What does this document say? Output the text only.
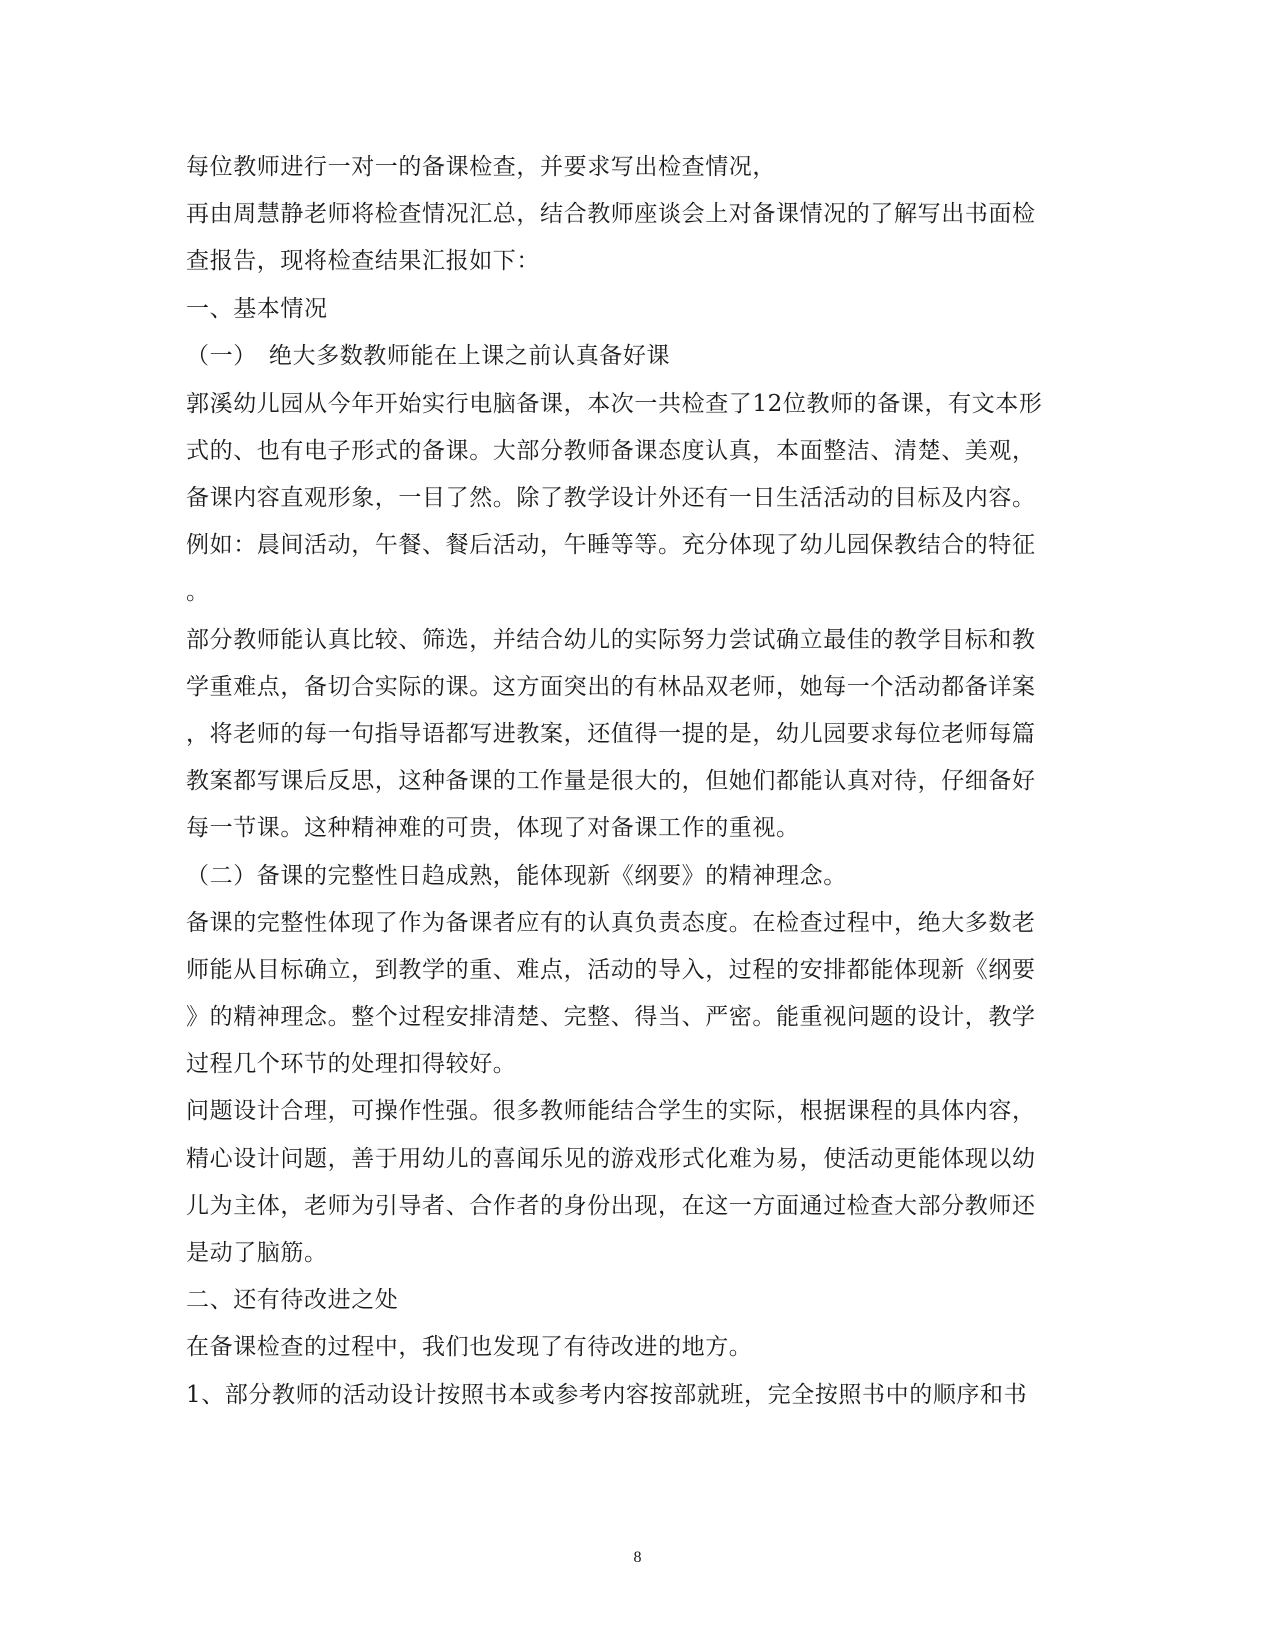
每位教师进行一对一的备课检查，并要求写出检查情况，
再由周慧静老师将检查情况汇总，结合教师座谈会上对备课情况的了解写出书面检
查报告，现将检查结果汇报如下：
一、基本情况
（一）　绝大多数教师能在上课之前认真备好课
郭溪幼儿园从今年开始实行电脑备课，本次一共检查了12位教师的备课，有文本形
式的、也有电子形式的备课。大部分教师备课态度认真，本面整洁、清楚、美观，
备课内容直观形象，一目了然。除了教学设计外还有一日生活活动的目标及内容。
例如：晨间活动，午餐、餐后活动，午睡等等。充分体现了幼儿园保教结合的特征
。
部分教师能认真比较、筛选，并结合幼儿的实际努力尝试确立最佳的教学目标和教
学重难点，备切合实际的课。这方面突出的有林品双老师，她每一个活动都备详案
，将老师的每一句指导语都写进教案，还值得一提的是，幼儿园要求每位老师每篇
教案都写课后反思，这种备课的工作量是很大的，但她们都能认真对待，仔细备好
每一节课。这种精神难的可贵，体现了对备课工作的重视。
（二）备课的完整性日趋成熟，能体现新《纲要》的精神理念。
备课的完整性体现了作为备课者应有的认真负责态度。在检查过程中，绝大多数老
师能从目标确立，到教学的重、难点，活动的导入，过程的安排都能体现新《纲要
》的精神理念。整个过程安排清楚、完整、得当、严密。能重视问题的设计，教学
过程几个环节的处理扣得较好。
问题设计合理，可操作性强。很多教师能结合学生的实际，根据课程的具体内容，
精心设计问题，善于用幼儿的喜闻乐见的游戏形式化难为易，使活动更能体现以幼
儿为主体，老师为引导者、合作者的身份出现，在这一方面通过检查大部分教师还
是动了脑筋。
二、还有待改进之处
在备课检查的过程中，我们也发现了有待改进的地方。
1、部分教师的活动设计按照书本或参考内容按部就班，完全按照书中的顺序和书
8
